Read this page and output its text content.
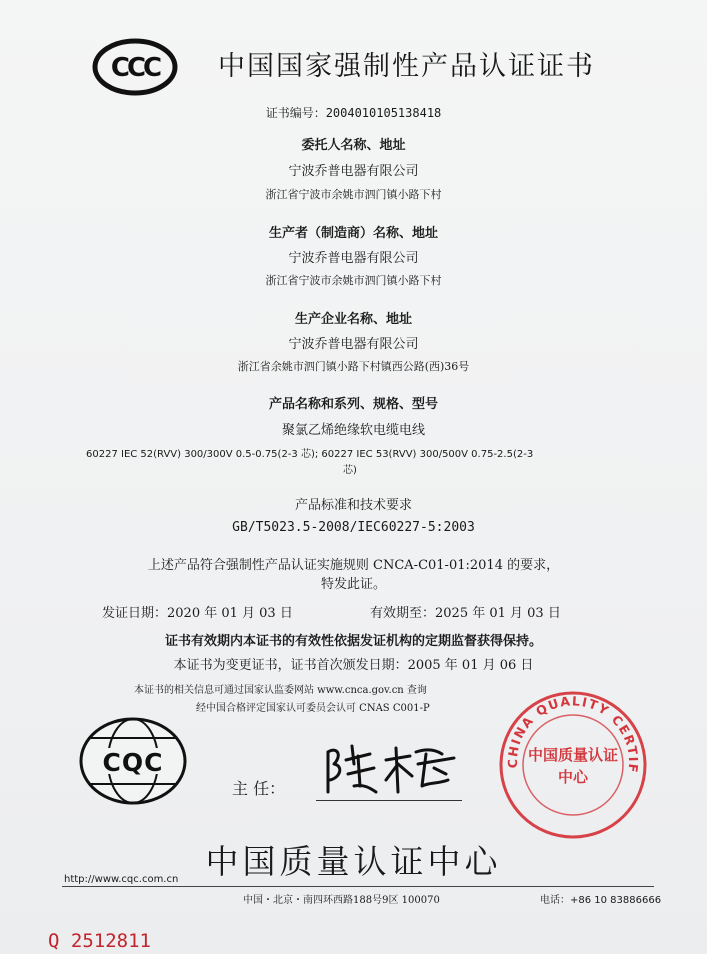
CCC 中国国家强制性产品认证证书
证书编号：2004010105138418
委托人名称、地址
宁波乔普电器有限公司
浙江省宁波市余姚市泗门镇小路下村
生产者（制造商）名称、地址
宁波乔普电器有限公司
浙江省宁波市余姚市泗门镇小路下村
生产企业名称、地址
宁波乔普电器有限公司
浙江省余姚市泗门镇小路下村镇西公路(西)36号
产品名称和系列、规格、型号
聚氯乙烯绝缘软电缆电线
60227 IEC 52(RVV) 300/300V 0.5-0.75(2-3 芯); 60227 IEC 53(RVV) 300/500V 0.75-2.5(2-3
芯)
产品标准和技术要求
GB/T5023.5-2008/IEC60227-5:2003
上述产品符合强制性产品认证实施规则 CNCA-C01-01:2014 的要求，
特发此证。
发证日期：2020 年 01 月 03 日	有效期至：2025 年 01 月 03 日
证书有效期内本证书的有效性依据发证机构的定期监督获得保持。
本证书为变更证书，证书首次颁发日期：2005 年 01 月 06 日
本证书的相关信息可通过国家认监委网站 www.cnca.gov.cn 查询
经中国合格评定国家认可委员会认可 CNAS C001-P
CQC
主 任：
CHINA QUALITY CERTIF
中国质量认证
中心
中国质量认证中心
http://www.cqc.com.cn
中国・北京・南四环西路188号9区 100070	电话：+86 10 83886666
Q 2512811
